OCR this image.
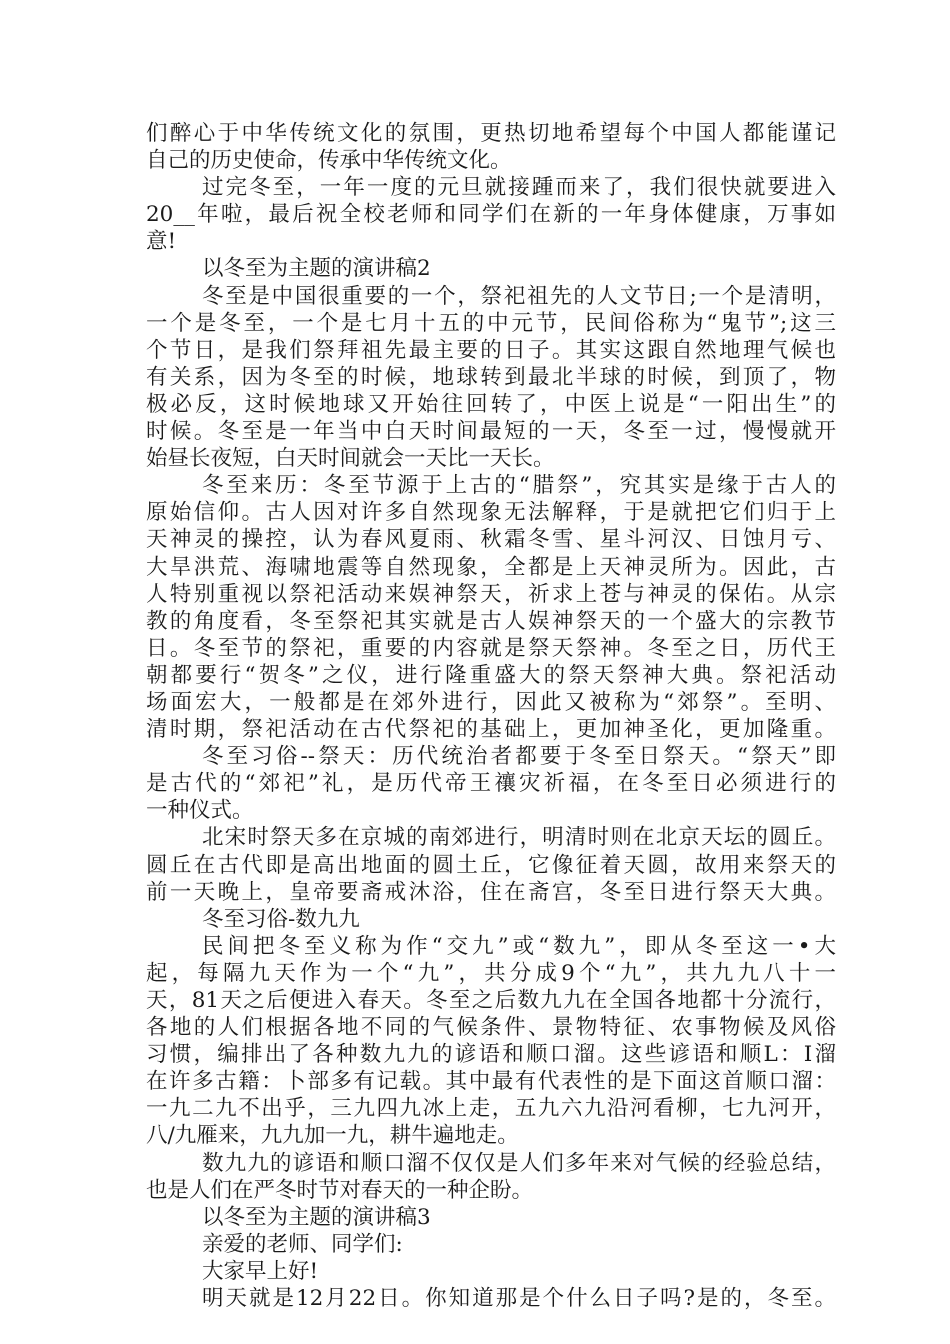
们醉心于中华传统文化的氛围，更热切地希望每个中国人都能谨记
自己的历史使命，传承中华传统文化。
过完冬至，一年一度的元旦就接踵而来了，我们很快就要进入
20__年啦，最后祝全校老师和同学们在新的一年身体健康，万事如
意!
以冬至为主题的演讲稿2
冬至是中国很重要的一个，祭祀祖先的人文节日;一个是清明，
一个是冬至，一个是七月十五的中元节，民间俗称为“鬼节”;这三
个节日，是我们祭拜祖先最主要的日子。其实这跟自然地理气候也
有关系，因为冬至的时候，地球转到最北半球的时候，到顶了，物
极必反，这时候地球又开始往回转了，中医上说是“一阳出生”的
时候。冬至是一年当中白天时间最短的一天，冬至一过，慢慢就开
始昼长夜短，白天时间就会一天比一天长。
冬至来历：冬至节源于上古的“腊祭”，究其实是缘于古人的
原始信仰。古人因对许多自然现象无法解释，于是就把它们归于上
天神灵的操控，认为春风夏雨、秋霜冬雪、星斗河汉、日蚀月亏、
大旱洪荒、海啸地震等自然现象，全都是上天神灵所为。因此，古
人特别重视以祭祀活动来娱神祭天，祈求上苍与神灵的保佑。从宗
教的角度看，冬至祭祀其实就是古人娱神祭天的一个盛大的宗教节
日。冬至节的祭祀，重要的内容就是祭天祭神。冬至之日，历代王
朝都要行“贺冬”之仪，进行隆重盛大的祭天祭神大典。祭祀活动
场面宏大，一般都是在郊外进行，因此又被称为“郊祭”。至明、
清时期，祭祀活动在古代祭祀的基础上，更加神圣化，更加隆重。
冬至习俗--祭天：历代统治者都要于冬至日祭天。“祭天”即
是古代的“郊祀”礼，是历代帝王禳灾祈福，在冬至日必须进行的
一种仪式。
北宋时祭天多在京城的南郊进行，明清时则在北京天坛的圆丘。
圆丘在古代即是高出地面的圆土丘，它像征着天圆，故用来祭天的
前一天晚上，皇帝要斋戒沐浴，住在斋宫，冬至日进行祭天大典。
冬至习俗-数九九
民间把冬至义称为作“交九”或“数九”，即从冬至这一•大
起，每隔九天作为一个“九”，共分成9个“九”，共九九八十一
天，81天之后便进入春天。冬至之后数九九在全国各地都十分流行，
各地的人们根据各地不同的气候条件、景物特征、农事物候及风俗
习惯，编排出了各种数九九的谚语和顺口溜。这些谚语和顺L：I溜
在许多古籍：卜部多有记载。其中最有代表性的是下面这首顺口溜：
一九二九不出乎，三九四九冰上走，五九六九沿河看柳，七九河开，
八/九雁来，九九加一九，耕牛遍地走。
数九九的谚语和顺口溜不仅仅是人们多年来对气候的经验总结，
也是人们在严冬时节对春天的一种企盼。
以冬至为主题的演讲稿3
亲爱的老师、同学们:
大家早上好!
明天就是12月22日。你知道那是个什么日子吗?是的，冬至。
